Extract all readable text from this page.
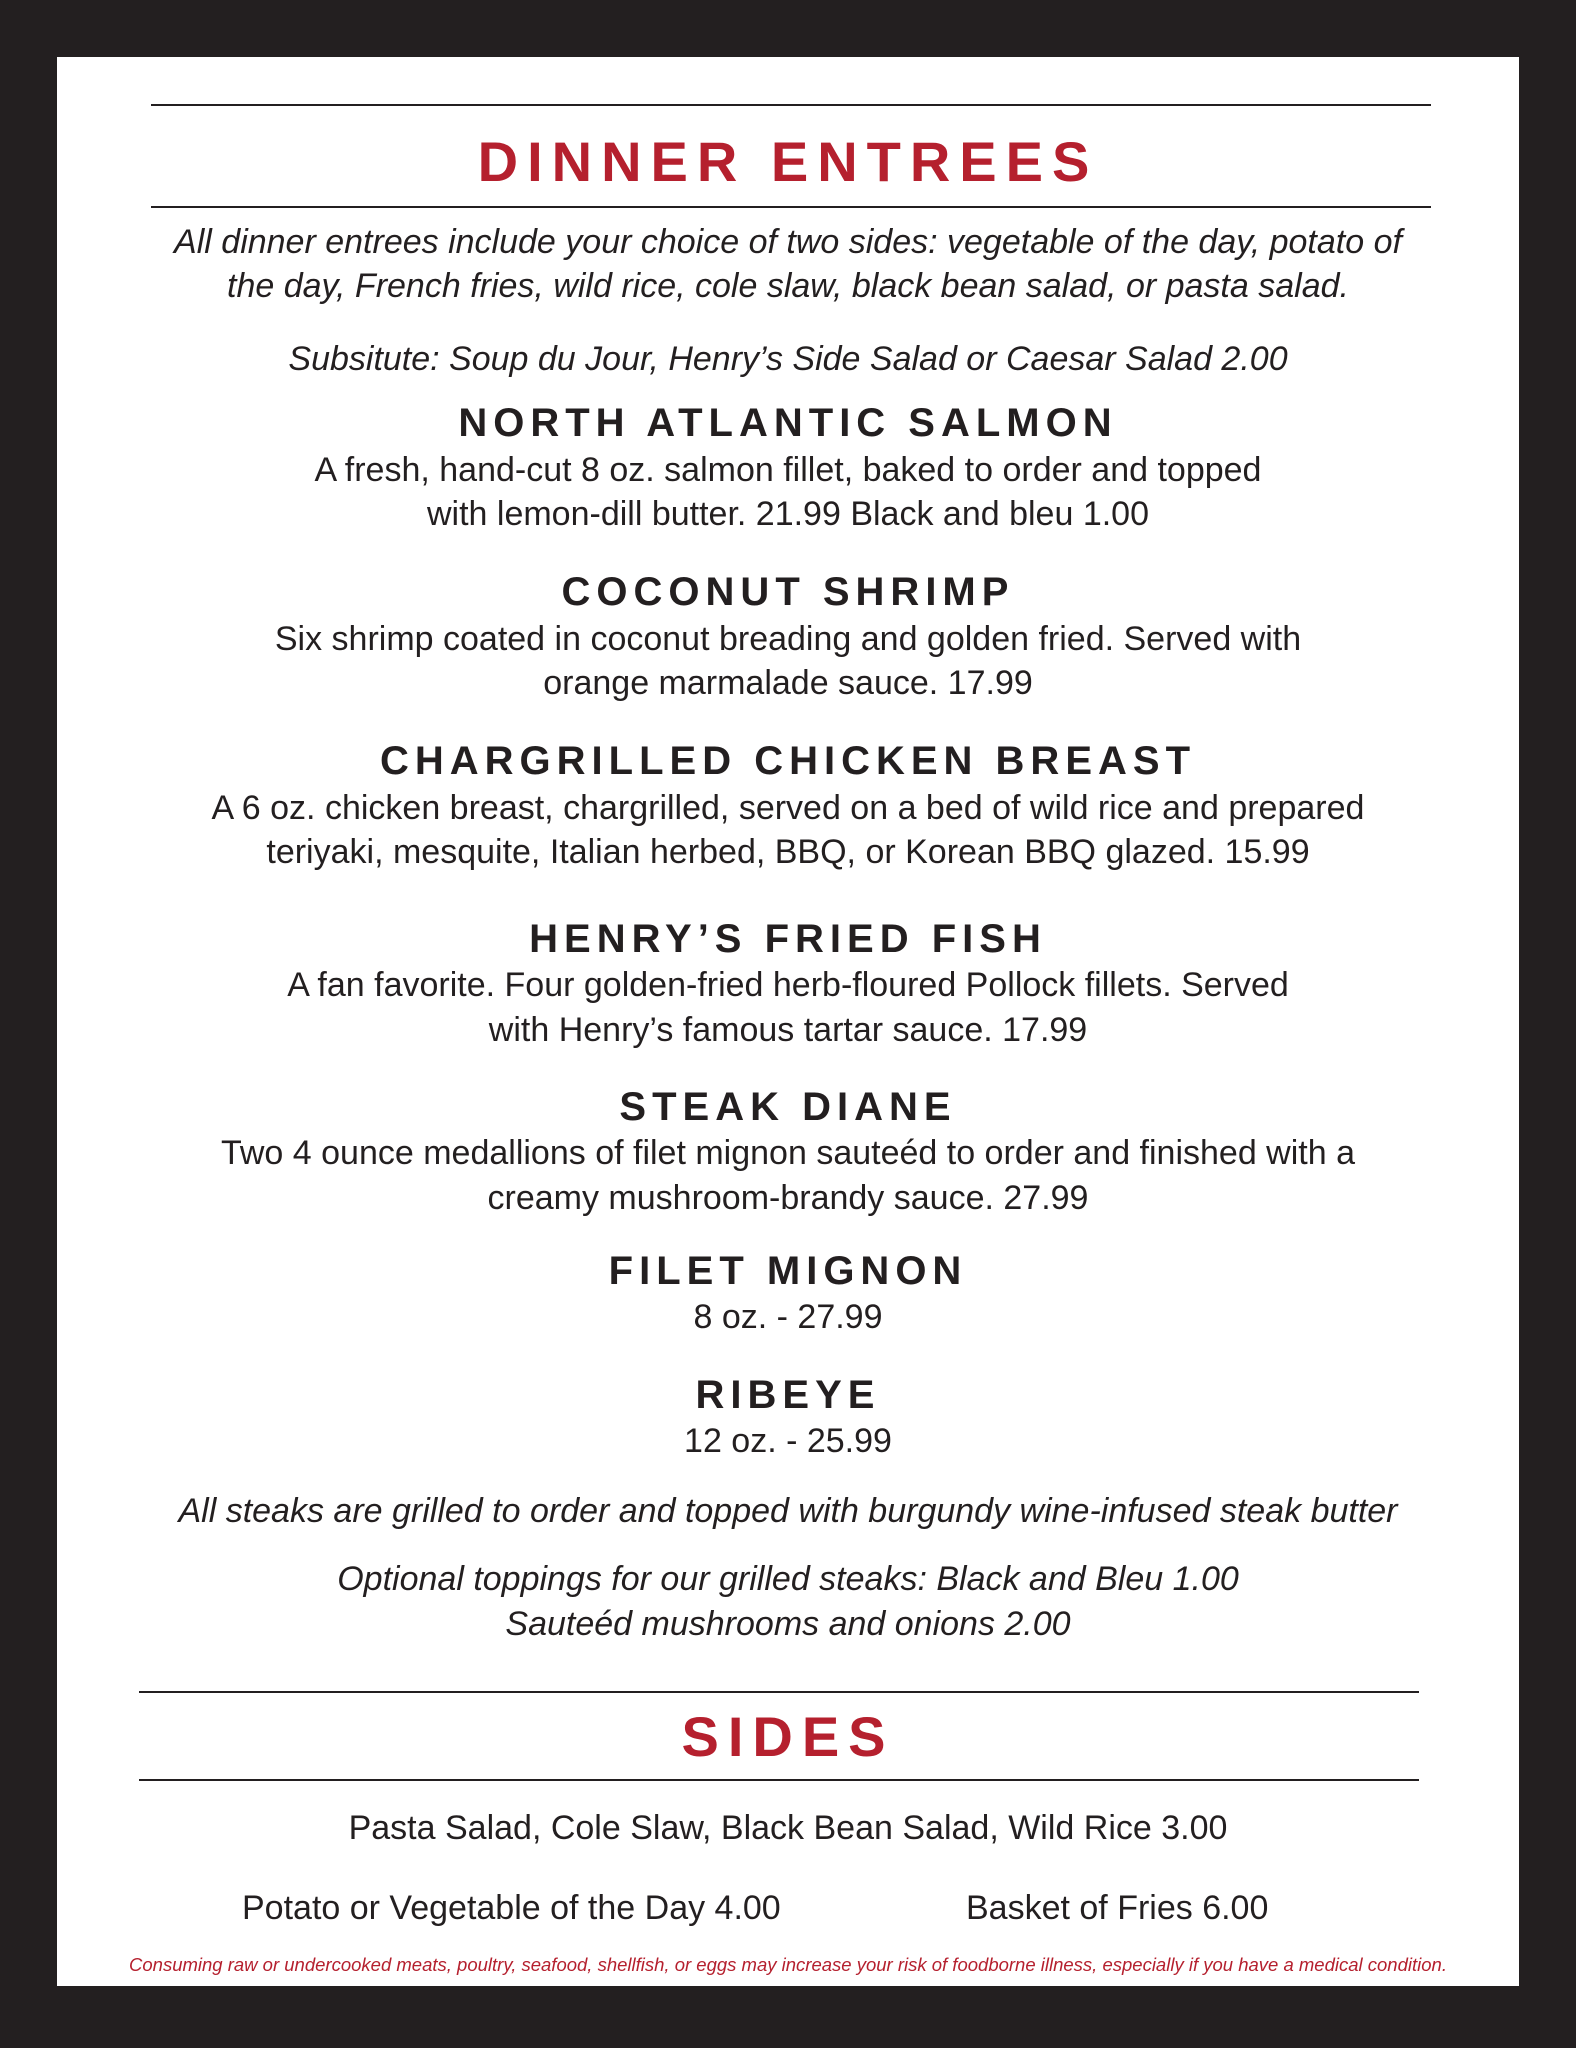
DINNER ENTREES
All dinner entrees include your choice of two sides: vegetable of the day, potato of
the day, French fries, wild rice, cole slaw, black bean salad, or pasta salad.
Subsitute: Soup du Jour, Henry’s Side Salad or Caesar Salad 2.00
NORTH ATLANTIC SALMON
A fresh, hand-cut 8 oz. salmon fillet, baked to order and topped
with lemon-dill butter. 21.99 Black and bleu 1.00
COCONUT SHRIMP
Six shrimp coated in coconut breading and golden fried. Served with
orange marmalade sauce. 17.99
CHARGRILLED CHICKEN BREAST
A 6 oz. chicken breast, chargrilled, served on a bed of wild rice and prepared
teriyaki, mesquite, Italian herbed, BBQ, or Korean BBQ glazed. 15.99
HENRY’S FRIED FISH
A fan favorite. Four golden-fried herb-floured Pollock fillets. Served
with Henry’s famous tartar sauce. 17.99
STEAK DIANE
Two 4 ounce medallions of filet mignon sauteéd to order and finished with a
creamy mushroom-brandy sauce. 27.99
FILET MIGNON
8 oz. - 27.99
RIBEYE
12 oz. - 25.99
All steaks are grilled to order and topped with burgundy wine-infused steak butter
Optional toppings for our grilled steaks: Black and Bleu 1.00
Sauteéd mushrooms and onions 2.00
SIDES
Pasta Salad, Cole Slaw, Black Bean Salad, Wild Rice 3.00
Potato or Vegetable of the Day 4.00	Basket of Fries 6.00
Consuming raw or undercooked meats, poultry, seafood, shellfish, or eggs may increase your risk of foodborne illness, especially if you have a medical condition.
